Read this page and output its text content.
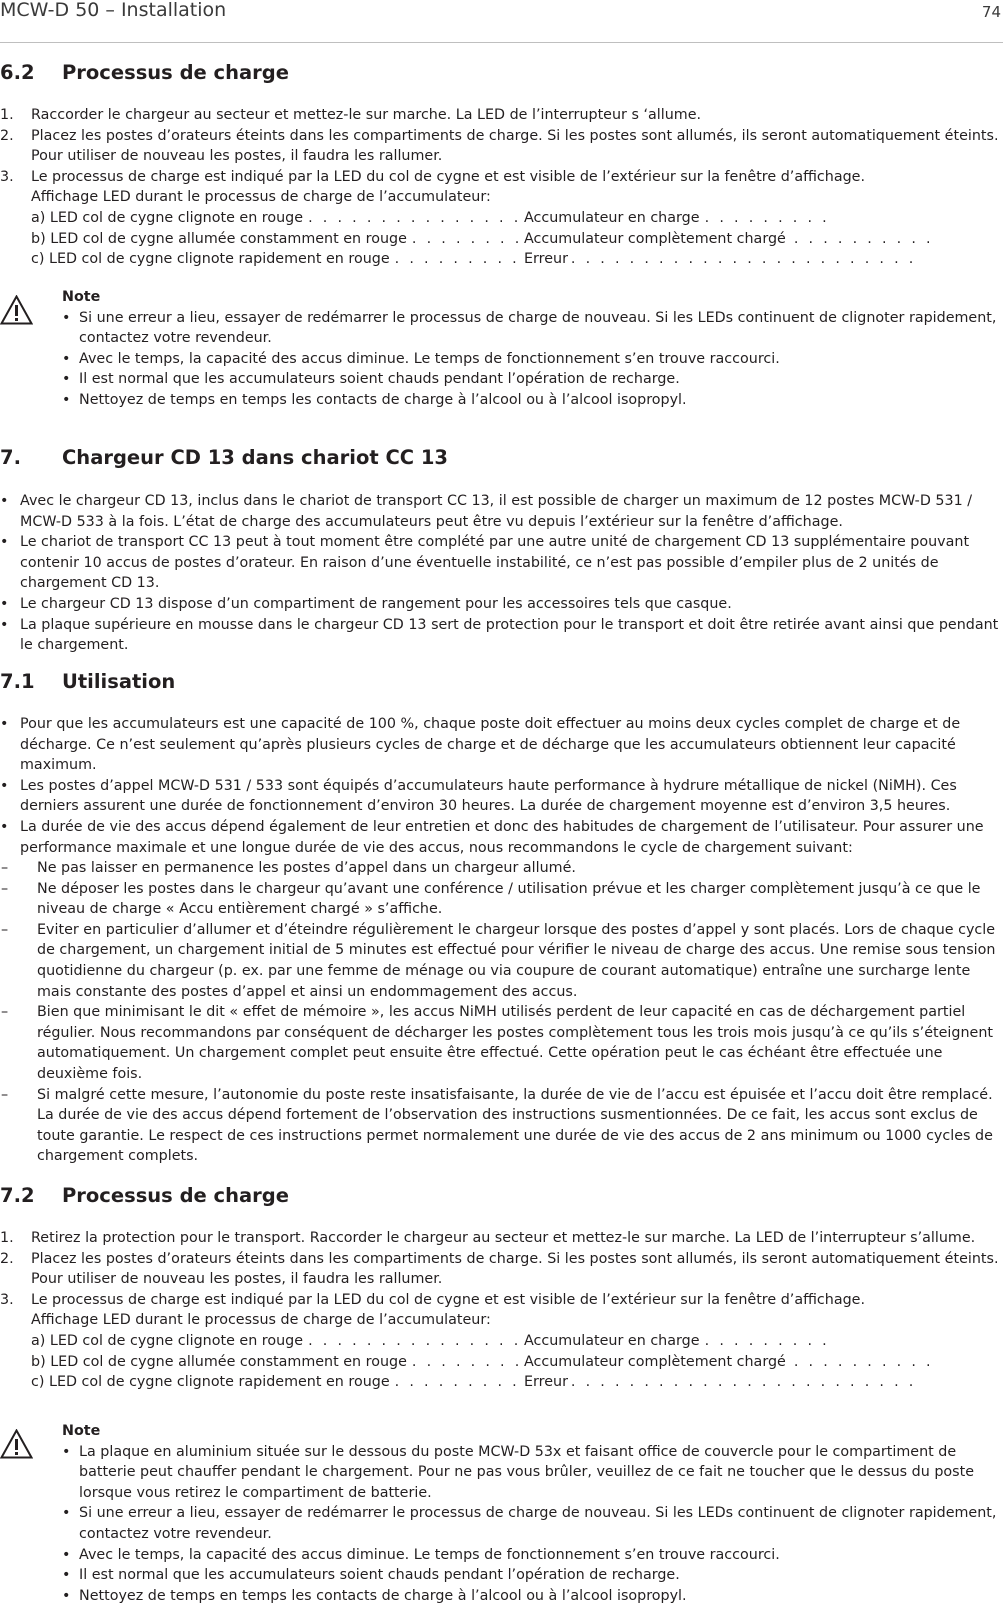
MCW-D 50 – Installation	74
6.2 Processus de charge
1. Raccorder le chargeur au secteur et mettez-le sur marche. La LED de l’interrupteur s ‘allume.
2. Placez les postes d’orateurs éteints dans les compartiments de charge. Si les postes sont allumés, ils seront automatiquement éteints. Pour utiliser de nouveau les postes, il faudra les rallumer.
3. Le processus de charge est indiqué par la LED du col de cygne et est visible de l’extérieur sur la fenêtre d’affichage.
Affichage LED durant le processus de charge de l’accumulateur:
a) LED col de cygne clignote en rouge . . .	Accumulateur en charge
b) LED col de cygne allumée constamment en rouge . . .	Accumulateur complètement chargé
c) LED col de cygne clignote rapidement en rouge . . .	Erreur
Note
• Si une erreur a lieu, essayer de redémarrer le processus de charge de nouveau. Si les LEDs continuent de clignoter rapidement, contactez votre revendeur.
• Avec le temps, la capacité des accus diminue. Le temps de fonctionnement s’en trouve raccourci.
• Il est normal que les accumulateurs soient chauds pendant l’opération de recharge.
• Nettoyez de temps en temps les contacts de charge à l’alcool ou à l’alcool isopropyl.
7. Chargeur CD 13 dans chariot CC 13
• Avec le chargeur CD 13, inclus dans le chariot de transport CC 13, il est possible de charger un maximum de 12 postes MCW-D 531 / MCW-D 533 à la fois. L’état de charge des accumulateurs peut être vu depuis l’extérieur sur la fenêtre d’affichage.
• Le chariot de transport CC 13 peut à tout moment être complété par une autre unité de chargement CD 13 supplémentaire pouvant contenir 10 accus de postes d’orateur. En raison d’une éventuelle instabilité, ce n’est pas possible d’empiler plus de 2 unités de chargement CD 13.
• Le chargeur CD 13 dispose d’un compartiment de rangement pour les accessoires tels que casque.
• La plaque supérieure en mousse dans le chargeur CD 13 sert de protection pour le transport et doit être retirée avant ainsi que pendant le chargement.
7.1 Utilisation
• Pour que les accumulateurs est une capacité de 100 %, chaque poste doit effectuer au moins deux cycles complet de charge et de décharge. Ce n’est seulement qu’après plusieurs cycles de charge et de décharge que les accumulateurs obtiennent leur capacité maximum.
• Les postes d’appel MCW-D 531 / 533 sont équipés d’accumulateurs haute performance à hydrure métallique de nickel (NiMH). Ces derniers assurent une durée de fonctionnement d’environ 30 heures. La durée de chargement moyenne est d’environ 3,5 heures.
• La durée de vie des accus dépend également de leur entretien et donc des habitudes de chargement de l’utilisateur. Pour assurer une performance maximale et une longue durée de vie des accus, nous recommandons le cycle de chargement suivant:
– Ne pas laisser en permanence les postes d’appel dans un chargeur allumé.
– Ne déposer les postes dans le chargeur qu’avant une conférence / utilisation prévue et les charger complètement jusqu’à ce que le niveau de charge « Accu entièrement chargé » s’affiche.
– Eviter en particulier d’allumer et d’éteindre régulièrement le chargeur lorsque des postes d’appel y sont placés. Lors de chaque cycle de chargement, un chargement initial de 5 minutes est effectué pour vérifier le niveau de charge des accus. Une remise sous tension quotidienne du chargeur (p. ex. par une femme de ménage ou via coupure de courant automatique) entraîne une surcharge lente mais constante des postes d’appel et ainsi un endommagement des accus.
– Bien que minimisant le dit « effet de mémoire », les accus NiMH utilisés perdent de leur capacité en cas de déchargement partiel régulier. Nous recommandons par conséquent de décharger les postes complètement tous les trois mois jusqu’à ce qu’ils s’éteignent automatiquement. Un chargement complet peut ensuite être effectué. Cette opération peut le cas échéant être effectuée une deuxième fois.
– Si malgré cette mesure, l’autonomie du poste reste insatisfaisante, la durée de vie de l’accu est épuisée et l’accu doit être remplacé. La durée de vie des accus dépend fortement de l’observation des instructions susmentionnées. De ce fait, les accus sont exclus de toute garantie. Le respect de ces instructions permet normalement une durée de vie des accus de 2 ans minimum ou 1000 cycles de chargement complets.
7.2 Processus de charge
1. Retirez la protection pour le transport. Raccorder le chargeur au secteur et mettez-le sur marche. La LED de l’interrupteur s’allume.
2. Placez les postes d’orateurs éteints dans les compartiments de charge. Si les postes sont allumés, ils seront automatiquement éteints. Pour utiliser de nouveau les postes, il faudra les rallumer.
3. Le processus de charge est indiqué par la LED du col de cygne et est visible de l’extérieur sur la fenêtre d’affichage.
Affichage LED durant le processus de charge de l’accumulateur:
a) LED col de cygne clignote en rouge . . .	Accumulateur en charge
b) LED col de cygne allumée constamment en rouge . . .	Accumulateur complètement chargé
c) LED col de cygne clignote rapidement en rouge . . .	Erreur
Note
• La plaque en aluminium située sur le dessous du poste MCW-D 53x et faisant office de couvercle pour le compartiment de batterie peut chauffer pendant le chargement. Pour ne pas vous brûler, veuillez de ce fait ne toucher que le dessus du poste lorsque vous retirez le compartiment de batterie.
• Si une erreur a lieu, essayer de redémarrer le processus de charge de nouveau. Si les LEDs continuent de clignoter rapidement, contactez votre revendeur.
• Avec le temps, la capacité des accus diminue. Le temps de fonctionnement s’en trouve raccourci.
• Il est normal que les accumulateurs soient chauds pendant l’opération de recharge.
• Nettoyez de temps en temps les contacts de charge à l’alcool ou à l’alcool isopropyl.
